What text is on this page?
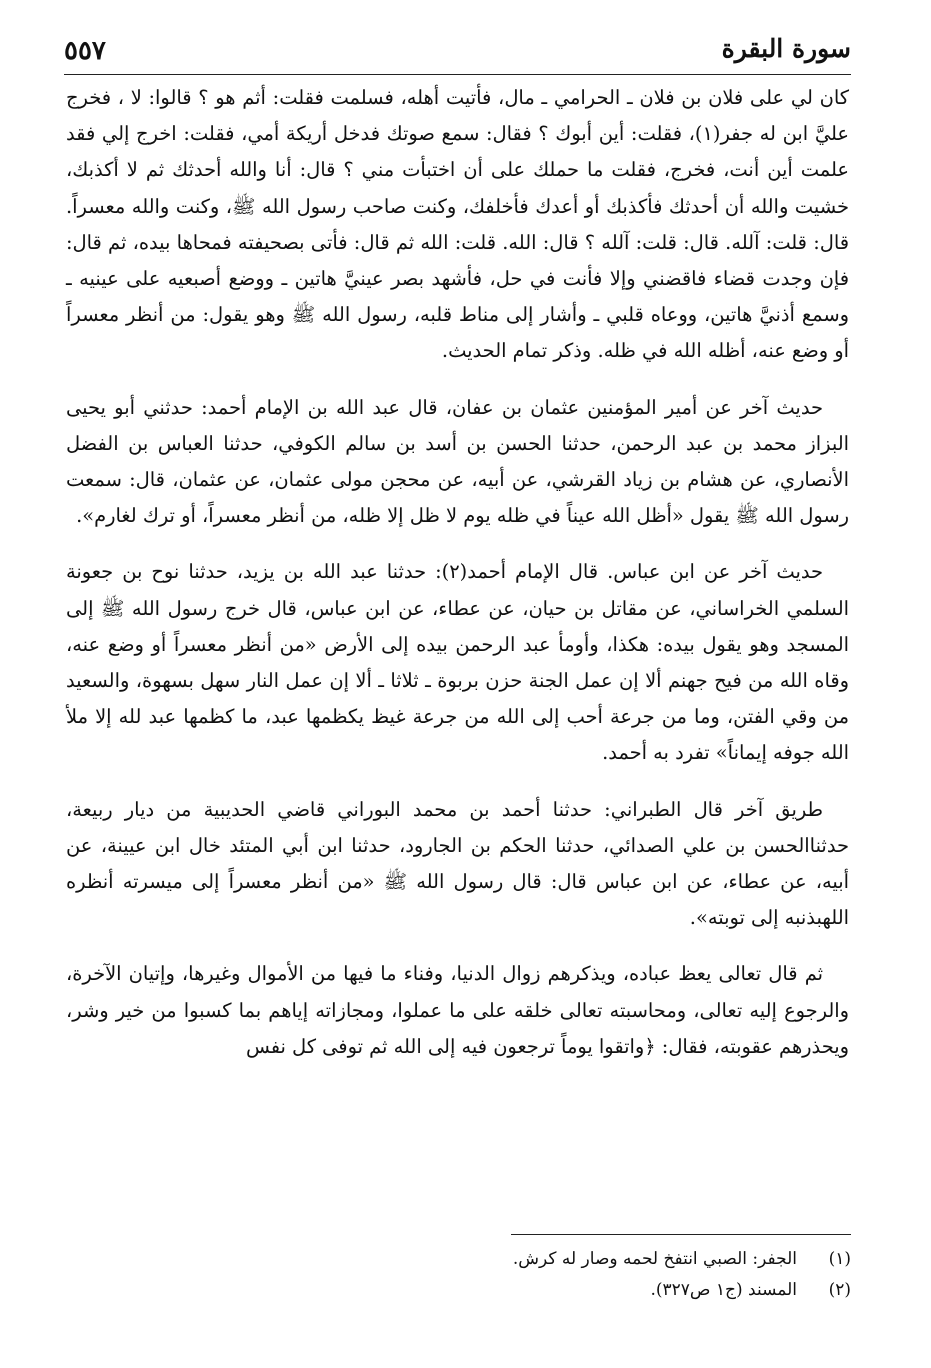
سورة البقرة
٥٥٧

كان لي على فلان بن فلان ـ الحرامي ـ مال، فأتيت أهله، فسلمت فقلت: أثم هو ؟ قالوا: لا ، فخرج عليَّ ابن له جفر(١)، فقلت: أين أبوك ؟ فقال: سمع صوتك فدخل أريكة أمي، فقلت: اخرج إلي فقد علمت أين أنت، فخرج، فقلت ما حملك على أن اختبأت مني ؟ قال: أنا والله أحدثك ثم لا أكذبك، خشيت والله أن أحدثك فأكذبك أو أعدك فأخلفك، وكنت صاحب رسول الله ﷺ، وكنت والله معسراً. قال: قلت: آلله. قال: قلت: آلله ؟ قال: الله. قلت: الله ثم قال: فأتى بصحيفته فمحاها بيده، ثم قال: فإن وجدت قضاء فاقضني وإلا فأنت في حل، فأشهد بصر عينيَّ هاتين ـ ووضع أصبعيه على عينيه ـ وسمع أذنيَّ هاتين، ووعاه قلبي ـ وأشار إلى مناط قلبه، رسول الله ﷺ وهو يقول: من أنظر معسراً أو وضع عنه، أظله الله في ظله. وذكر تمام الحديث.

حديث آخر عن أمير المؤمنين عثمان بن عفان، قال عبد الله بن الإمام أحمد: حدثني أبو يحيى البزاز محمد بن عبد الرحمن، حدثنا الحسن بن أسد بن سالم الكوفي، حدثنا العباس بن الفضل الأنصاري، عن هشام بن زياد القرشي، عن أبيه، عن محجن مولى عثمان، عن عثمان، قال: سمعت رسول الله ﷺ يقول «أظل الله عيناً في ظله يوم لا ظل إلا ظله، من أنظر معسراً، أو ترك لغارم».

حديث آخر عن ابن عباس. قال الإمام أحمد(٢): حدثنا عبد الله بن يزيد، حدثنا نوح بن جعونة السلمي الخراساني، عن مقاتل بن حيان، عن عطاء، عن ابن عباس، قال خرج رسول الله ﷺ إلى المسجد وهو يقول بيده: هكذا، وأومأ عبد الرحمن بيده إلى الأرض «من أنظر معسراً أو وضع عنه، وقاه الله من فيح جهنم ألا إن عمل الجنة حزن بربوة ـ ثلاثا ـ ألا إن عمل النار سهل بسهوة، والسعيد من وقي الفتن، وما من جرعة أحب إلى الله من جرعة غيظ يكظمها عبد، ما كظمها عبد لله إلا ملأ الله جوفه إيماناً» تفرد به أحمد.

طريق آخر قال الطبراني: حدثنا أحمد بن محمد البوراني قاضي الحديبية من ديار ربيعة، حدثناالحسن بن علي الصدائي، حدثنا الحكم بن الجارود، حدثنا ابن أبي المتئد خال ابن عيينة، عن أبيه، عن عطاء، عن ابن عباس قال: قال رسول الله ﷺ «من أنظر معسراً إلى ميسرته أنظره اللهبذنبه إلى توبته».

ثم قال تعالى يعظ عباده، ويذكرهم زوال الدنيا، وفناء ما فيها من الأموال وغيرها، وإتيان الآخرة، والرجوع إليه تعالى، ومحاسبته تعالى خلقه على ما عملوا، ومجازاته إياهم بما كسبوا من خير وشر، ويحذرهم عقوبته، فقال: ﴿واتقوا يوماً ترجعون فيه إلى الله ثم توفى كل نفس

(١)
الجفر: الصبي انتفخ لحمه وصار له كرش.
(٢)
المسند (ج١ ص٣٢٧).
